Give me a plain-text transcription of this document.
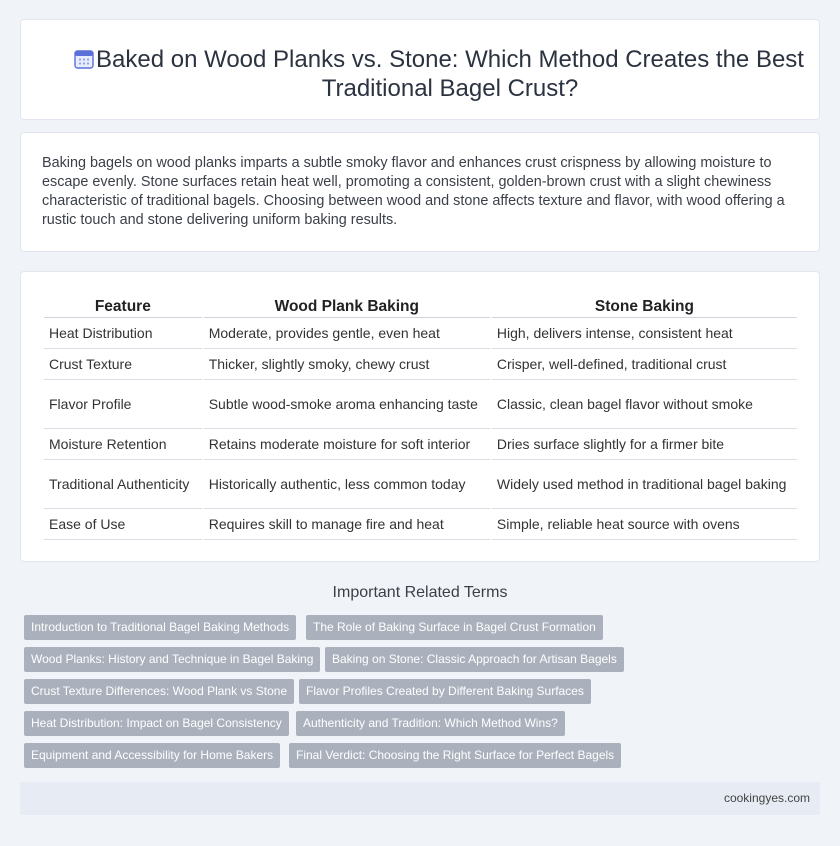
Baked on Wood Planks vs. Stone: Which Method Creates the Best Traditional Bagel Crust?

Baking bagels on wood planks imparts a subtle smoky flavor and enhances crust crispness by allowing moisture to escape evenly. Stone surfaces retain heat well, promoting a consistent, golden-brown crust with a slight chewiness characteristic of traditional bagels. Choosing between wood and stone affects texture and flavor, with wood offering a rustic touch and stone delivering uniform baking results.

Feature	Wood Plank Baking	Stone Baking
Heat Distribution	Moderate, provides gentle, even heat	High, delivers intense, consistent heat
Crust Texture	Thicker, slightly smoky, chewy crust	Crisper, well-defined, traditional crust
Flavor Profile	Subtle wood-smoke aroma enhancing taste	Classic, clean bagel flavor without smoke
Moisture Retention	Retains moderate moisture for soft interior	Dries surface slightly for a firmer bite
Traditional Authenticity	Historically authentic, less common today	Widely used method in traditional bagel baking
Ease of Use	Requires skill to manage fire and heat	Simple, reliable heat source with ovens
Important Related Terms
Introduction to Traditional Bagel Baking Methods	The Role of Baking Surface in Bagel Crust Formation
Wood Planks: History and Technique in Bagel Baking	Baking on Stone: Classic Approach for Artisan Bagels
Crust Texture Differences: Wood Plank vs Stone	Flavor Profiles Created by Different Baking Surfaces
Heat Distribution: Impact on Bagel Consistency	Authenticity and Tradition: Which Method Wins?
Equipment and Accessibility for Home Bakers	Final Verdict: Choosing the Right Surface for Perfect Bagels
cookingyes.com
